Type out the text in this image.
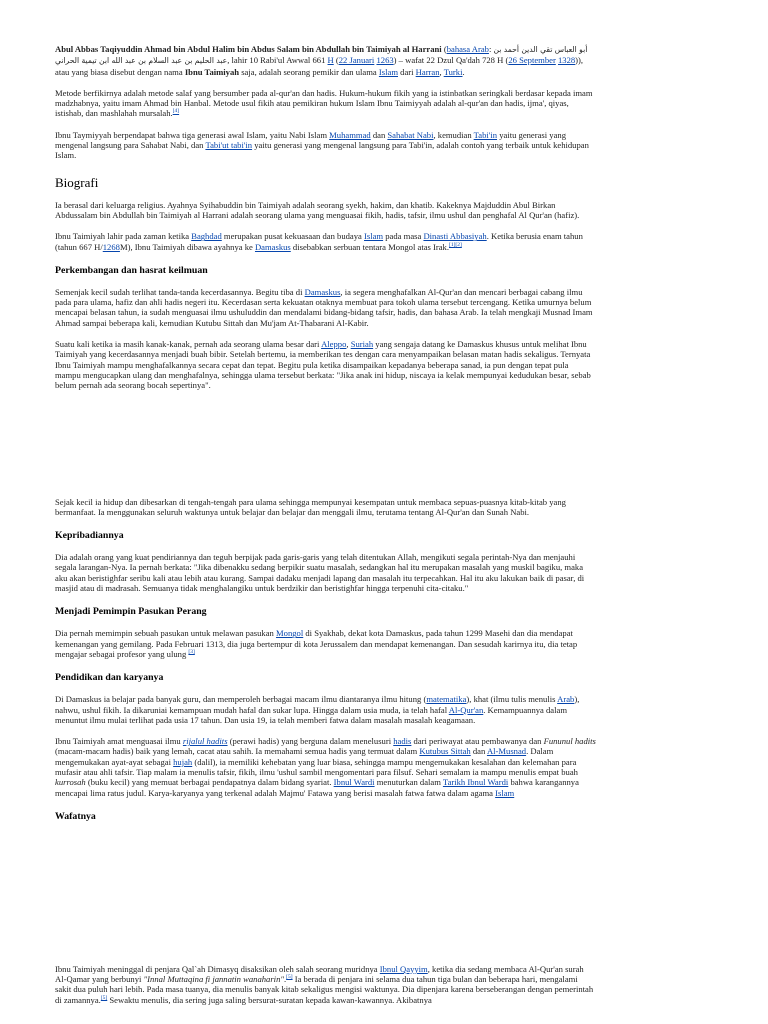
Abul Abbas Taqiyuddin Ahmad bin Abdul Halim bin Abdus Salam bin Abdullah bin Taimiyah al Harrani (bahasa Arab: أبو العباس تقي الدين أحمد بن عبد الحليم بن عبد السلام بن عبد الله ابن تيمية الحراني, lahir 10 Rabi'ul Awwal 661 H (22 Januari 1263) – wafat 22 Dzul Qa'dah 728 H (26 September 1328)), atau yang biasa disebut dengan nama Ibnu Taimiyah saja, adalah seorang pemikir dan ulama Islam dari Harran, Turki.

Metode berfikirnya adalah metode salaf yang bersumber pada al-qur'an dan hadis. Hukum-hukum fikih yang ia istinbatkan seringkali berdasar kepada imam madzhabnya, yaitu imam Ahmad bin Hanbal. Metode usul fikih atau pemikiran hukum Islam Ibnu Taimiyyah adalah al-qur'an dan hadis, ijma', qiyas, istishab, dan mashlahah mursalah.[4]

Ibnu Taymiyyah berpendapat bahwa tiga generasi awal Islam, yaitu Nabi Islam Muhammad dan Sahabat Nabi, kemudian Tabi'in yaitu generasi yang mengenal langsung para Sahabat Nabi, dan Tabi'ut tabi'in yaitu generasi yang mengenal langsung para Tabi'in, adalah contoh yang terbaik untuk kehidupan Islam.

Biografi

Ia berasal dari keluarga religius. Ayahnya Syihabuddin bin Taimiyah adalah seorang syekh, hakim, dan khatib. Kakeknya Majduddin Abul Birkan Abdussalam bin Abdullah bin Taimiyah al Harrani adalah seorang ulama yang menguasai fikih, hadis, tafsir, ilmu ushul dan penghafal Al Qur'an (hafiz).

Ibnu Taimiyah lahir pada zaman ketika Baghdad merupakan pusat kekuasaan dan budaya Islam pada masa Dinasti Abbasiyah. Ketika berusia enam tahun (tahun 667 H/1268M), Ibnu Taimiyah dibawa ayahnya ke Damaskus disebabkan serbuan tentara Mongol atas Irak.[1][2]

Perkembangan dan hasrat keilmuan

Semenjak kecil sudah terlihat tanda-tanda kecerdasannya. Begitu tiba di Damaskus, ia segera menghafalkan Al-Qur'an dan mencari berbagai cabang ilmu pada para ulama, hafiz dan ahli hadis negeri itu. Kecerdasan serta kekuatan otaknya membuat para tokoh ulama tersebut tercengang. Ketika umurnya belum mencapai belasan tahun, ia sudah menguasai ilmu ushuluddin dan mendalami bidang-bidang tafsir, hadis, dan bahasa Arab. Ia telah mengkaji Musnad Imam Ahmad sampai beberapa kali, kemudian Kutubu Sittah dan Mu'jam At-Thabarani Al-Kabir.

Suatu kali ketika ia masih kanak-kanak, pernah ada seorang ulama besar dari Aleppo, Suriah yang sengaja datang ke Damaskus khusus untuk melihat Ibnu Taimiyah yang kecerdasannya menjadi buah bibir. Setelah bertemu, ia memberikan tes dengan cara menyampaikan belasan matan hadis sekaligus. Ternyata Ibnu Taimiyah mampu menghafalkannya secara cepat dan tepat. Begitu pula ketika disampaikan kepadanya beberapa sanad, ia pun dengan tepat pula mampu mengucapkan ulang dan menghafalnya, sehingga ulama tersebut berkata: "Jika anak ini hidup, niscaya ia kelak mempunyai kedudukan besar, sebab belum pernah ada seorang bocah sepertinya".

Sejak kecil ia hidup dan dibesarkan di tengah-tengah para ulama sehingga mempunyai kesempatan untuk membaca sepuas-puasnya kitab-kitab yang bermanfaat. Ia menggunakan seluruh waktunya untuk belajar dan belajar dan menggali ilmu, terutama tentang Al-Qur'an dan Sunah Nabi.

Kepribadiannya

Dia adalah orang yang kuat pendiriannya dan teguh berpijak pada garis-garis yang telah ditentukan Allah, mengikuti segala perintah-Nya dan menjauhi segala larangan-Nya. Ia pernah berkata: "Jika dibenakku sedang berpikir suatu masalah, sedangkan hal itu merupakan masalah yang muskil bagiku, maka aku akan beristighfar seribu kali atau lebih atau kurang. Sampai dadaku menjadi lapang dan masalah itu terpecahkan. Hal itu aku lakukan baik di pasar, di masjid atau di madrasah. Semuanya tidak menghalangiku untuk berdzikir dan beristighfar hingga terpenuhi cita-citaku."

Menjadi Pemimpin Pasukan Perang

Dia pernah memimpin sebuah pasukan untuk melawan pasukan Mongol di Syakhab, dekat kota Damaskus, pada tahun 1299 Masehi dan dia mendapat kemenangan yang gemilang. Pada Februari 1313, dia juga bertempur di kota Jerussalem dan mendapat kemenangan. Dan sesudah karirnya itu, dia tetap mengajar sebagai profesor yang ulung [3]

Pendidikan dan karyanya

Di Damaskus ia belajar pada banyak guru, dan memperoleh berbagai macam ilmu diantaranya ilmu hitung (matematika), khat (ilmu tulis menulis Arab), nahwu, ushul fikih. Ia dikaruniai kemampuan mudah hafal dan sukar lupa. Hingga dalam usia muda, ia telah hafal Al-Qur'an. Kemampuannya dalam menuntut ilmu mulai terlihat pada usia 17 tahun. Dan usia 19, ia telah memberi fatwa dalam masalah masalah keagamaan.

Ibnu Taimiyah amat menguasai ilmu rijalul hadits (perawi hadis) yang berguna dalam menelusuri hadis dari periwayat atau pembawanya dan Fununul hadits (macam-macam hadis) baik yang lemah, cacat atau sahih. Ia memahami semua hadis yang termuat dalam Kutubus Sittah dan Al-Musnad. Dalam mengemukakan ayat-ayat sebagai hujah (dalil), ia memiliki kehebatan yang luar biasa, sehingga mampu mengemukakan kesalahan dan kelemahan para mufasir atau ahli tafsir. Tiap malam ia menulis tafsir, fikih, ilmu 'ushul sambil mengomentari para filsuf. Sehari semalam ia mampu menulis empat buah kurrosah (buku kecil) yang memuat berbagai pendapatnya dalam bidang syariat. Ibnul Wardi menuturkan dalam Tarikh Ibnul Wardi bahwa karangannya mencapai lima ratus judul. Karya-karyanya yang terkenal adalah Majmu' Fatawa yang berisi masalah fatwa fatwa dalam agama Islam

Wafatnya

Ibnu Taimiyah meninggal di penjara Qal`ah Dimasyq disaksikan oleh salah seorang muridnya Ibnul Qayyim, ketika dia sedang membaca Al-Qur'an surah Al-Qamar yang berbunyi "Innal Muttaqina fi jannatin wanaharin".[5] Ia berada di penjara ini selama dua tahun tiga bulan dan beberapa hari, mengalami sakit dua puluh hari lebih. Pada masa tuanya, dia menulis banyak kitab sekaligus mengisi waktunya. Dia dipenjara karena berseberangan dengan pemerintah di zamannya.[5] Sewaktu menulis, dia sering juga saling bersurat-suratan kepada kawan-kawannya. Akibatnya
